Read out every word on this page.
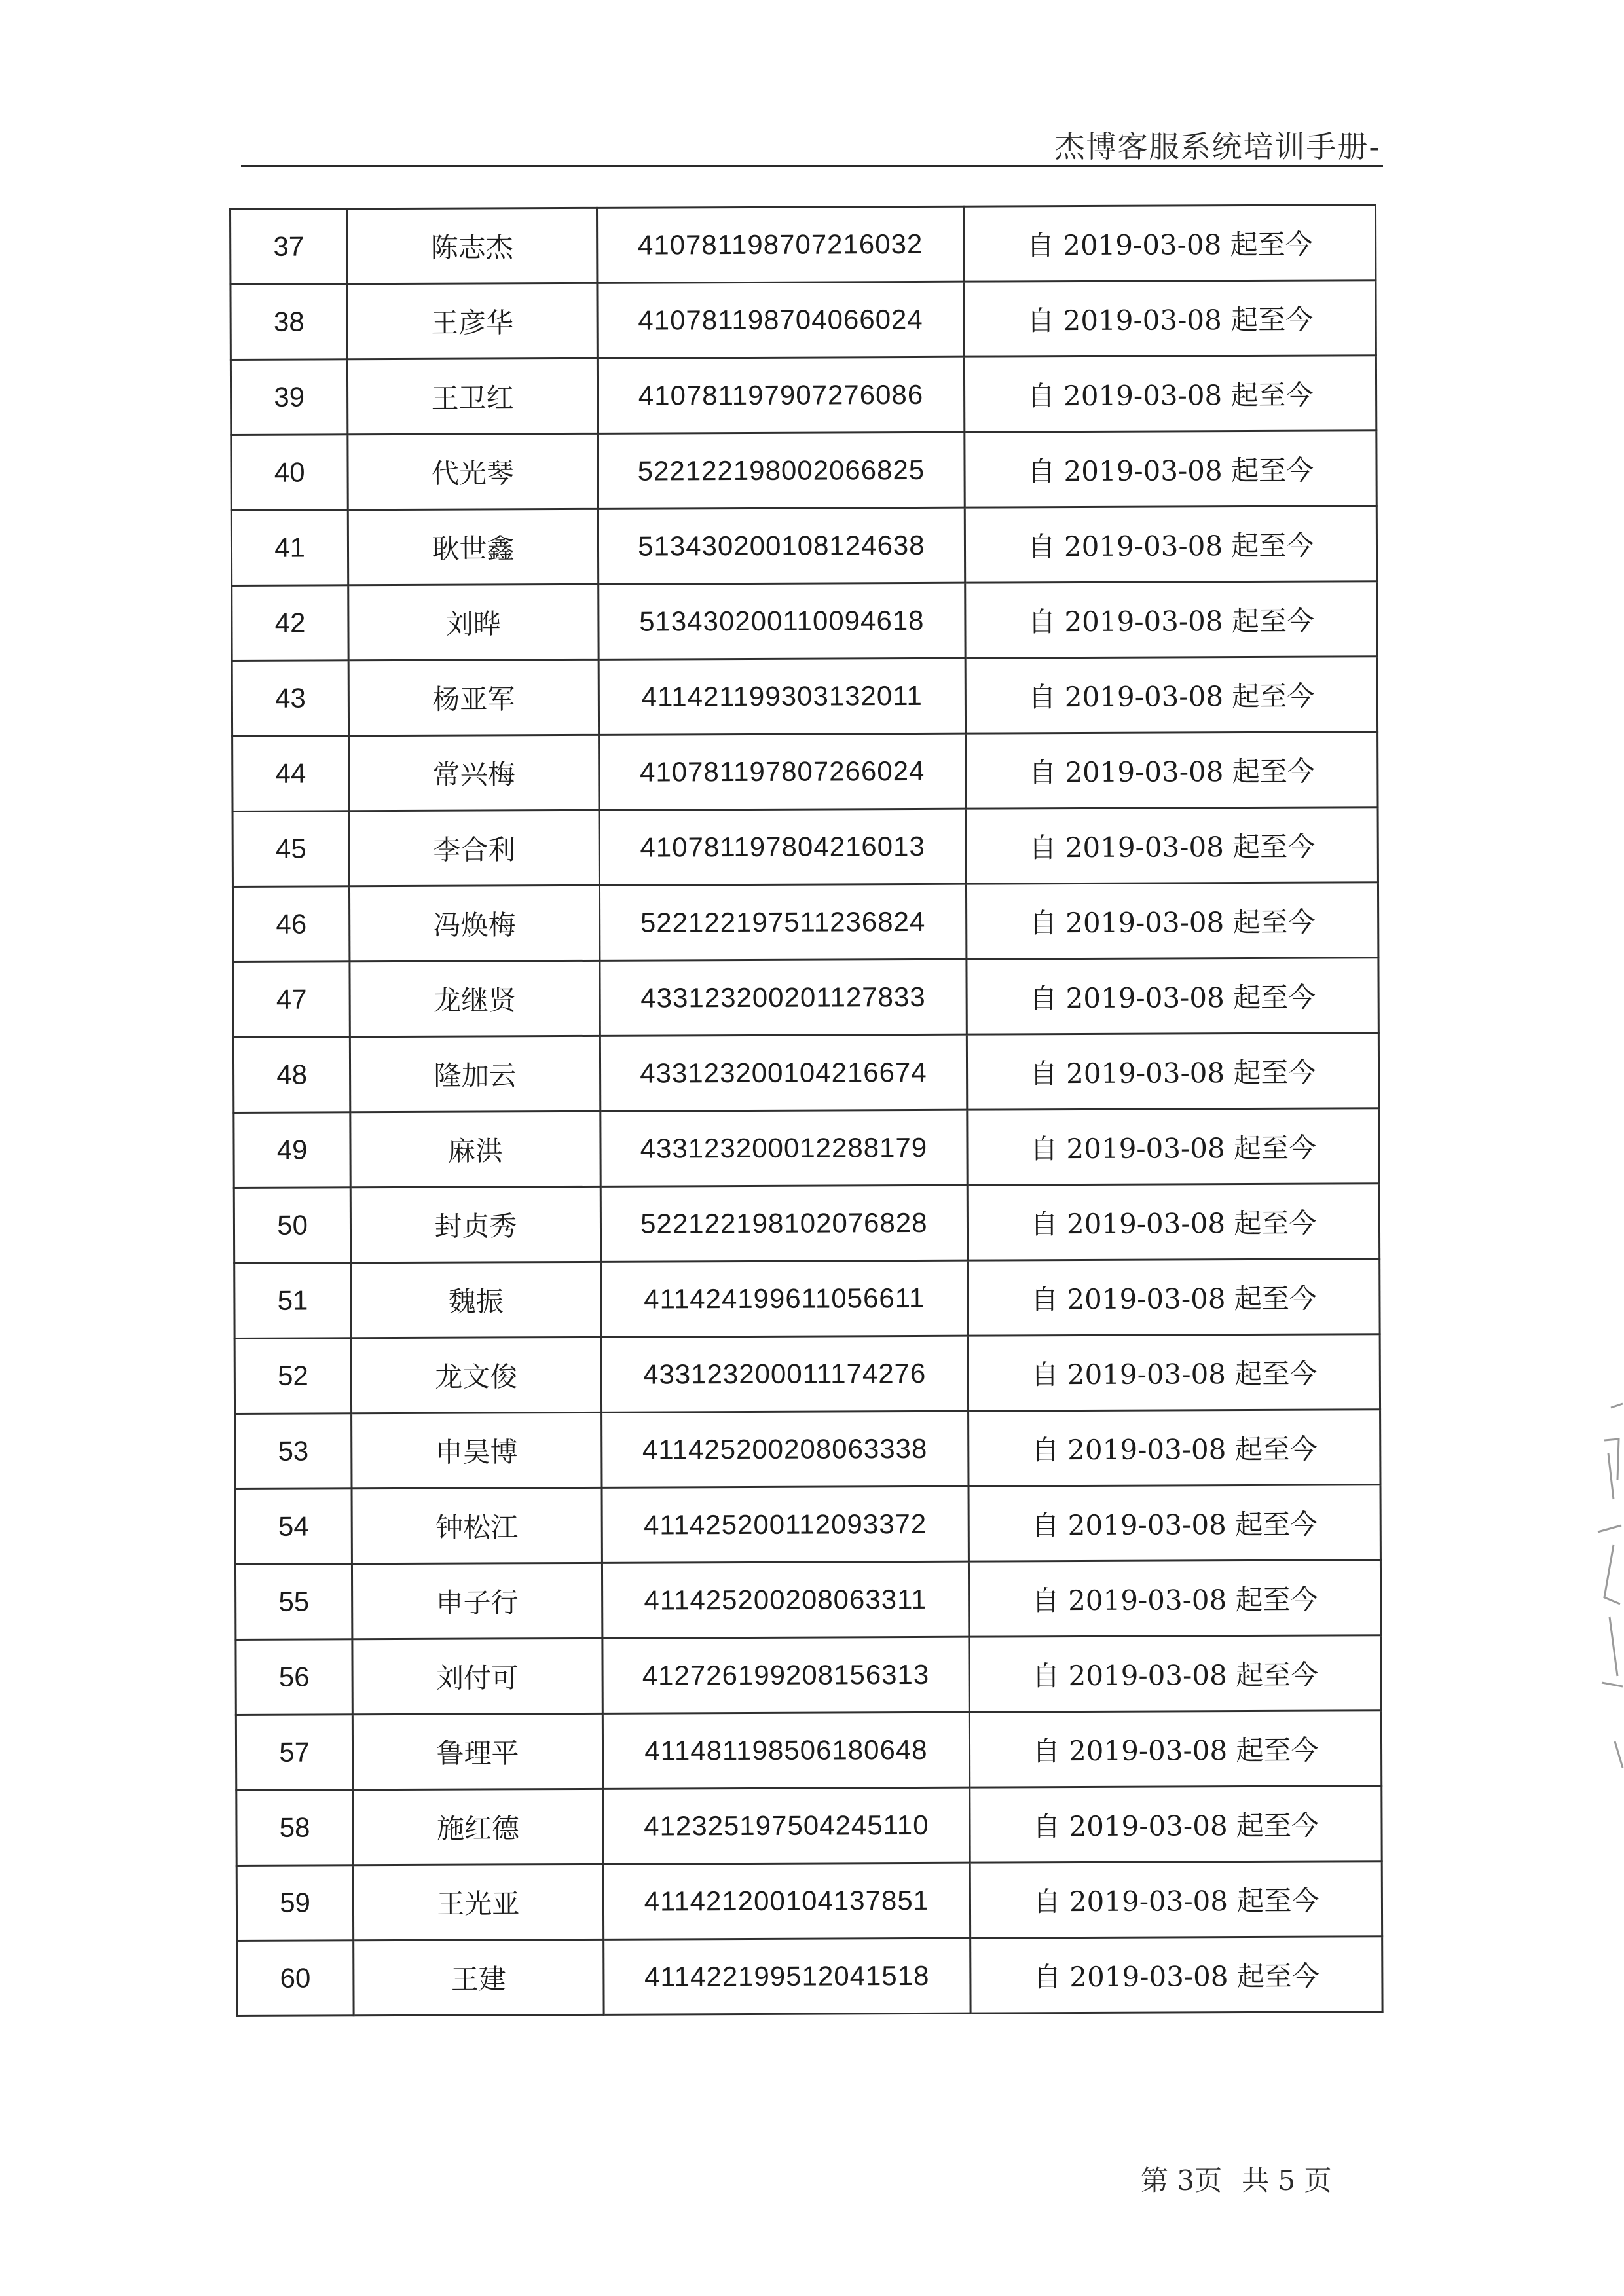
杰博客服系统培训手册-
37	陈志杰	410781198707216032	自 2019-03-08 起至今
38	王彦华	410781198704066024	自 2019-03-08 起至今
39	王卫红	410781197907276086	自 2019-03-08 起至今
40	代光琴	522122198002066825	自 2019-03-08 起至今
41	耿世鑫	513430200108124638	自 2019-03-08 起至今
42	刘晔	513430200110094618	自 2019-03-08 起至今
43	杨亚军	411421199303132011	自 2019-03-08 起至今
44	常兴梅	410781197807266024	自 2019-03-08 起至今
45	李合利	410781197804216013	自 2019-03-08 起至今
46	冯焕梅	522122197511236824	自 2019-03-08 起至今
47	龙继贤	433123200201127833	自 2019-03-08 起至今
48	隆加云	433123200104216674	自 2019-03-08 起至今
49	麻洪	433123200012288179	自 2019-03-08 起至今
50	封贞秀	522122198102076828	自 2019-03-08 起至今
51	魏振	411424199611056611	自 2019-03-08 起至今
52	龙文俊	433123200011174276	自 2019-03-08 起至今
53	申昊博	411425200208063338	自 2019-03-08 起至今
54	钟松江	411425200112093372	自 2019-03-08 起至今
55	申子行	411425200208063311	自 2019-03-08 起至今
56	刘付可	412726199208156313	自 2019-03-08 起至今
57	鲁理平	411481198506180648	自 2019-03-08 起至今
58	施红德	412325197504245110	自 2019-03-08 起至今
59	王光亚	411421200104137851	自 2019-03-08 起至今
60	王建	411422199512041518	自 2019-03-08 起至今
第 3页 共 5 页
